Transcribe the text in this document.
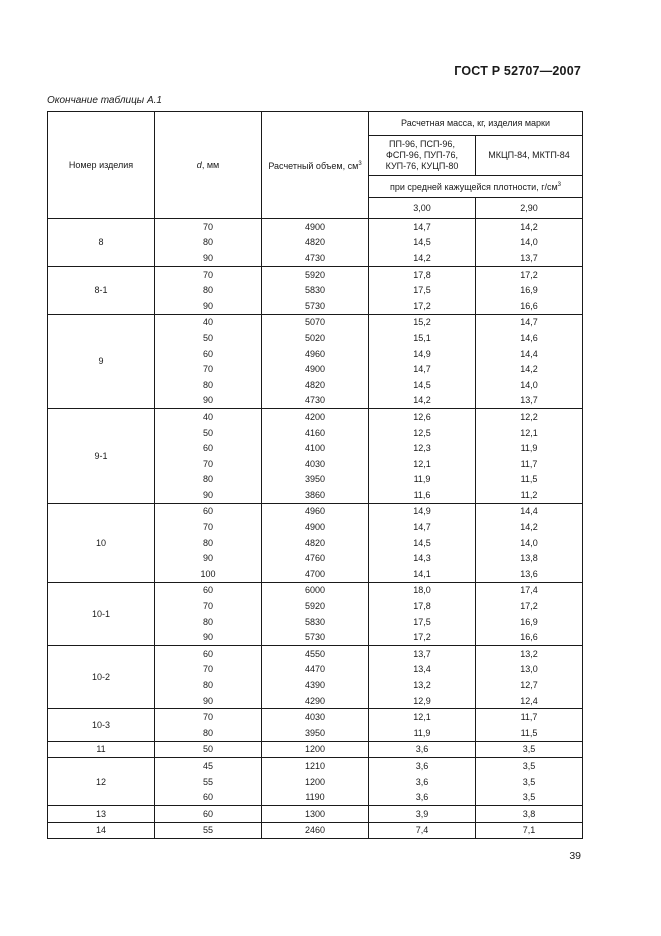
ГОСТ Р 52707—2007
Окончание таблицы А.1
Номер изделия	d, мм	Расчетный объем, $см^3$	Расчетная масса, кг, изделия марки	

			ПП-96, ПСП-96,
ФСП-96, ПУП-76,
КУП-76, КУЦП-80	МКЦП-84, МКТП-84
			при средней кажущейся плотности, $г/см^3$
			3,00	2,90
8	70	4900	14,7	14,2
	80	4820	14,5	14,0
	90	4730	14,2	13,7
8-1	70	5920	17,8	17,2
	80	5830	17,5	16,9
	90	5730	17,2	16,6
9	40	5070	15,2	14,7
	50	5020	15,1	14,6
	60	4960	14,9	14,4
	70	4900	14,7	14,2
	80	4820	14,5	14,0
	90	4730	14,2	13,7
9-1	40	4200	12,6	12,2
	50	4160	12,5	12,1
	60	4100	12,3	11,9
	70	4030	12,1	11,7
	80	3950	11,9	11,5
	90	3860	11,6	11,2
10	60	4960	14,9	14,4
	70	4900	14,7	14,2
	80	4820	14,5	14,0
	90	4760	14,3	13,8
	100	4700	14,1	13,6
10-1	60	6000	18,0	17,4
	70	5920	17,8	17,2
	80	5830	17,5	16,9
	90	5730	17,2	16,6
10-2	60	4550	13,7	13,2
	70	4470	13,4	13,0
	80	4390	13,2	12,7
	90	4290	12,9	12,4
10-3	70	4030	12,1	11,7
	80	3950	11,9	11,5
11	50	1200	3,6	3,5
12	45	1210	3,6	3,5
	55	1200	3,6	3,5
	60	1190	3,6	3,5
13	60	1300	3,9	3,8
14	55	2460	7,4	7,1
39
